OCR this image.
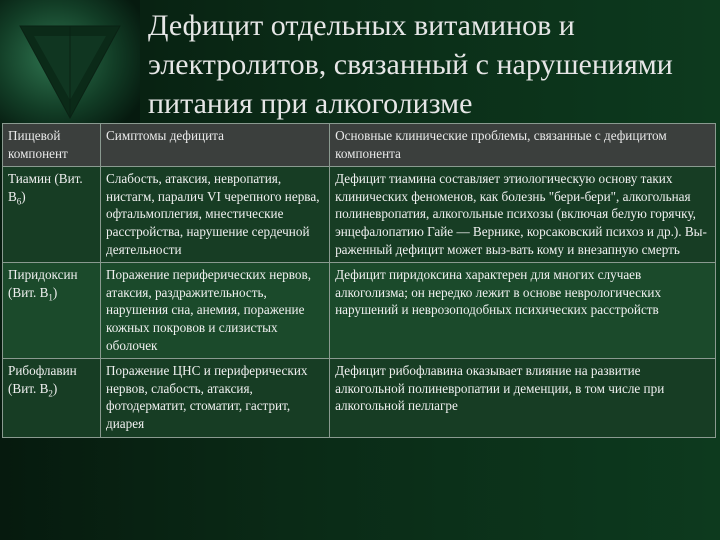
Дефицит отдельных витаминов и электролитов, связанный с нарушениями питания при алкоголизме
Пищевой компонент	Симптомы дефицита	Основные клинические проблемы, связанные с дефицитом компонента
Тиамин (Вит. $В_6$)	Слабость, атаксия, невропатия, нистагм, паралич VI черепного нерва, офтальмоплегия, мнестические расстройства, нарушение сердечной деятельности	Дефицит тиамина составляет этиологическую основу таких клинических феноменов, как болезнь "бери-бери", алкогольная полиневропатия, алкогольные психозы (включая белую горячку, энцефалопатию Гайе — Вернике, корсаковский психоз и др.). Вы-раженный дефицит может выз-вать кому и внезапную смерть
Пиридоксин (Вит. $В_1$)	Поражение периферических нервов, атаксия, раздражительность, нарушения сна, анемия, поражение кожных покровов и слизистых оболочек	Дефицит пиридоксина характерен для многих случаев алкоголизма; он нередко лежит в основе неврологических нарушений и неврозоподобных психических расстройств
Рибофлавин (Вит. $В_2$)	Поражение ЦНС и периферических нервов, слабость, атаксия, фотодерматит, стоматит, гастрит, диарея	Дефицит рибофлавина оказывает влияние на развитие алкогольной полиневропатии и деменции, в том числе при алкогольной пеллагре
